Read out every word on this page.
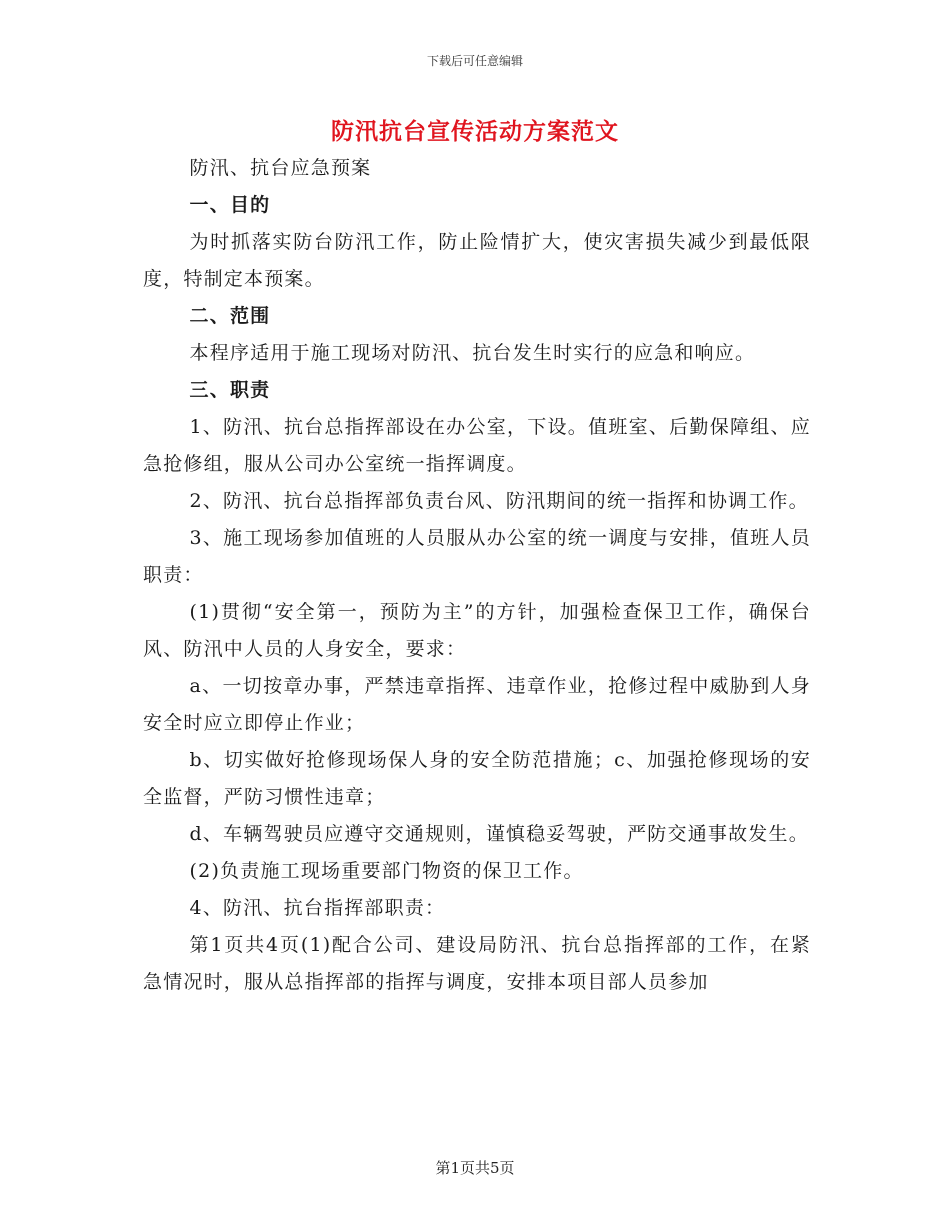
下载后可任意编辑
防汛抗台宣传活动方案范文

防汛、抗台应急预案

一、目的

为时抓落实防台防汛工作，防止险情扩大，使灾害损失减少到最低限度，特制定本预案。

二、范围

本程序适用于施工现场对防汛、抗台发生时实行的应急和响应。

三、职责

1、防汛、抗台总指挥部设在办公室，下设。值班室、后勤保障组、应急抢修组，服从公司办公室统一指挥调度。

2、防汛、抗台总指挥部负责台风、防汛期间的统一指挥和协调工作。

3、施工现场参加值班的人员服从办公室的统一调度与安排，值班人员职责：

(1)贯彻“安全第一，预防为主”的方针，加强检查保卫工作，确保台风、防汛中人员的人身安全，要求：

a、一切按章办事，严禁违章指挥、违章作业，抢修过程中威胁到人身安全时应立即停止作业；

b、切实做好抢修现场保人身的安全防范措施；c、加强抢修现场的安全监督，严防习惯性违章；

d、车辆驾驶员应遵守交通规则，谨慎稳妥驾驶，严防交通事故发生。

(2)负责施工现场重要部门物资的保卫工作。

4、防汛、抗台指挥部职责：

第1页共4页(1)配合公司、建设局防汛、抗台总指挥部的工作，在紧急情况时，服从总指挥部的指挥与调度，安排本项目部人员参加

第1页共5页
